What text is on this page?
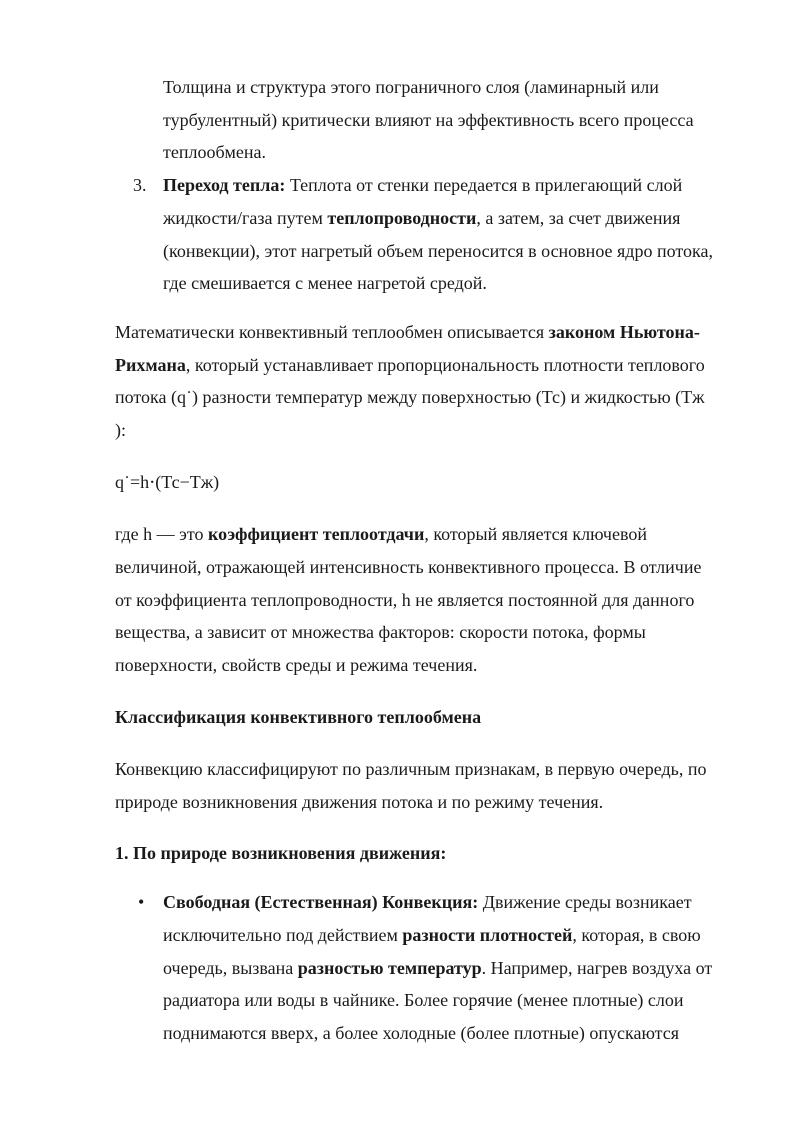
Толщина и структура этого пограничного слоя (ламинарный или
турбулентный) критически влияют на эффективность всего процесса
теплообмена.
3. Переход тепла: Теплота от стенки передается в прилегающий слой
жидкости/газа путем теплопроводности, а затем, за счет движения
(конвекции), этот нагретый объем переносится в основное ядро потока,
где смешивается с менее нагретой средой.
Математически конвективный теплообмен описывается законом Ньютона-
Рихмана, который устанавливает пропорциональность плотности теплового
потока (q˙) разности температур между поверхностью (Тс) и жидкостью (Тж
):
q˙=h⋅(Тс−Тж)
где h — это коэффициент теплоотдачи, который является ключевой
величиной, отражающей интенсивность конвективного процесса. В отличие
от коэффициента теплопроводности, h не является постоянной для данного
вещества, а зависит от множества факторов: скорости потока, формы
поверхности, свойств среды и режима течения.
Классификация конвективного теплообмена
Конвекцию классифицируют по различным признакам, в первую очередь, по
природе возникновения движения потока и по режиму течения.
1. По природе возникновения движения:
• Свободная (Естественная) Конвекция: Движение среды возникает
исключительно под действием разности плотностей, которая, в свою
очередь, вызвана разностью температур. Например, нагрев воздуха от
радиатора или воды в чайнике. Более горячие (менее плотные) слои
поднимаются вверх, а более холодные (более плотные) опускаются
